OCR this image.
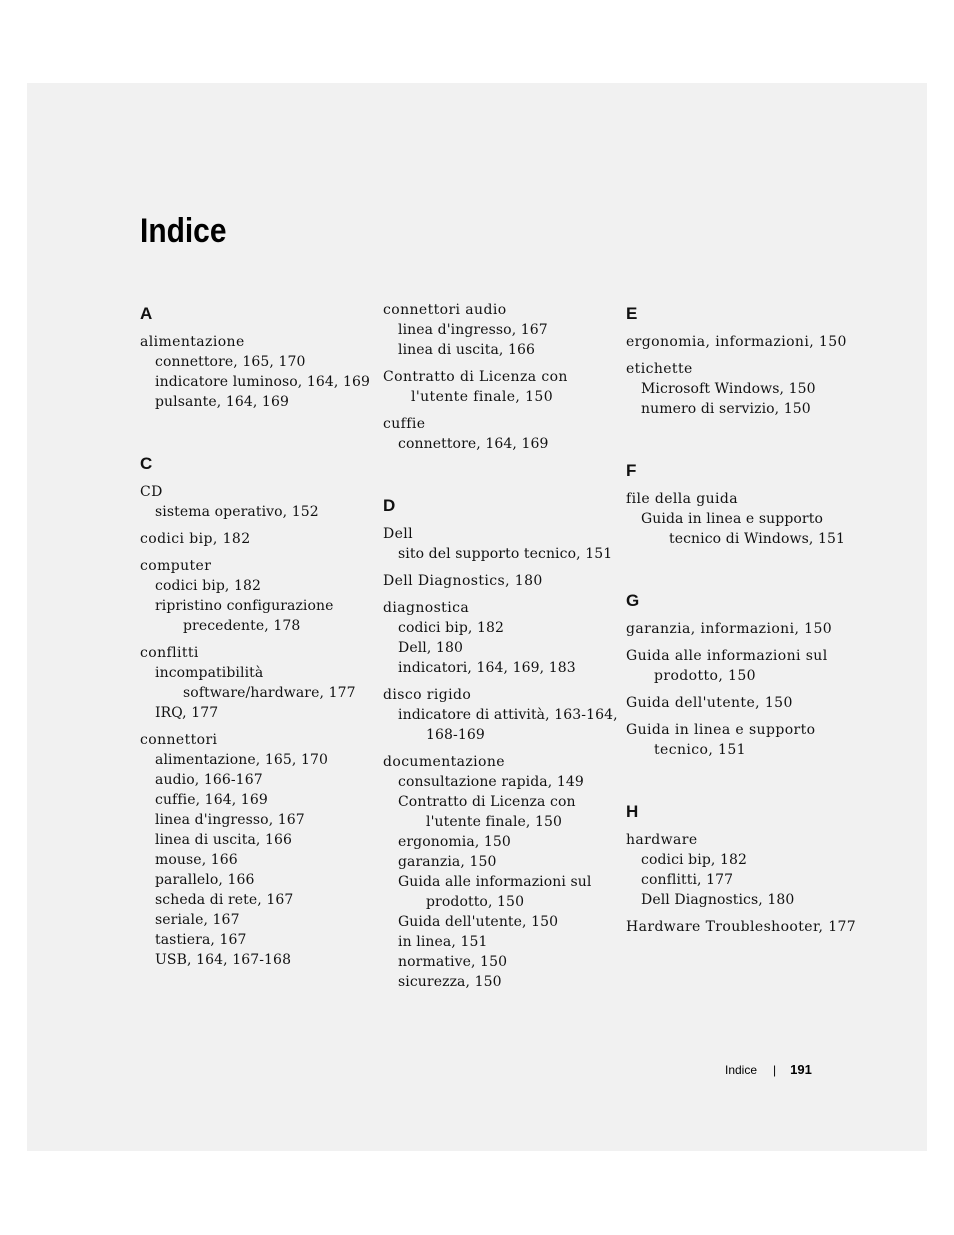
Indice
A
alimentazione
connettore, 165, 170
indicatore luminoso, 164, 169
pulsante, 164, 169
C
CD
sistema operativo, 152
codici bip, 182
computer
codici bip, 182
ripristino configurazione precedente, 178
conflitti
incompatibilità software/hardware, 177
IRQ, 177
connettori
alimentazione, 165, 170
audio, 166-167
cuffie, 164, 169
linea d'ingresso, 167
linea di uscita, 166
mouse, 166
parallelo, 166
scheda di rete, 167
seriale, 167
tastiera, 167
USB, 164, 167-168
connettori audio
linea d'ingresso, 167
linea di uscita, 166
Contratto di Licenza con l'utente finale, 150
cuffie
connettore, 164, 169
D
Dell
sito del supporto tecnico, 151
Dell Diagnostics, 180
diagnostica
codici bip, 182
Dell, 180
indicatori, 164, 169, 183
disco rigido
indicatore di attività, 163-164, 168-169
documentazione
consultazione rapida, 149
Contratto di Licenza con l'utente finale, 150
ergonomia, 150
garanzia, 150
Guida alle informazioni sul prodotto, 150
Guida dell'utente, 150
in linea, 151
normative, 150
sicurezza, 150
E
ergonomia, informazioni, 150
etichette
Microsoft Windows, 150
numero di servizio, 150
F
file della guida
Guida in linea e supporto tecnico di Windows, 151
G
garanzia, informazioni, 150
Guida alle informazioni sul prodotto, 150
Guida dell'utente, 150
Guida in linea e supporto tecnico, 151
H
hardware
codici bip, 182
conflitti, 177
Dell Diagnostics, 180
Hardware Troubleshooter, 177
Indice | 191
